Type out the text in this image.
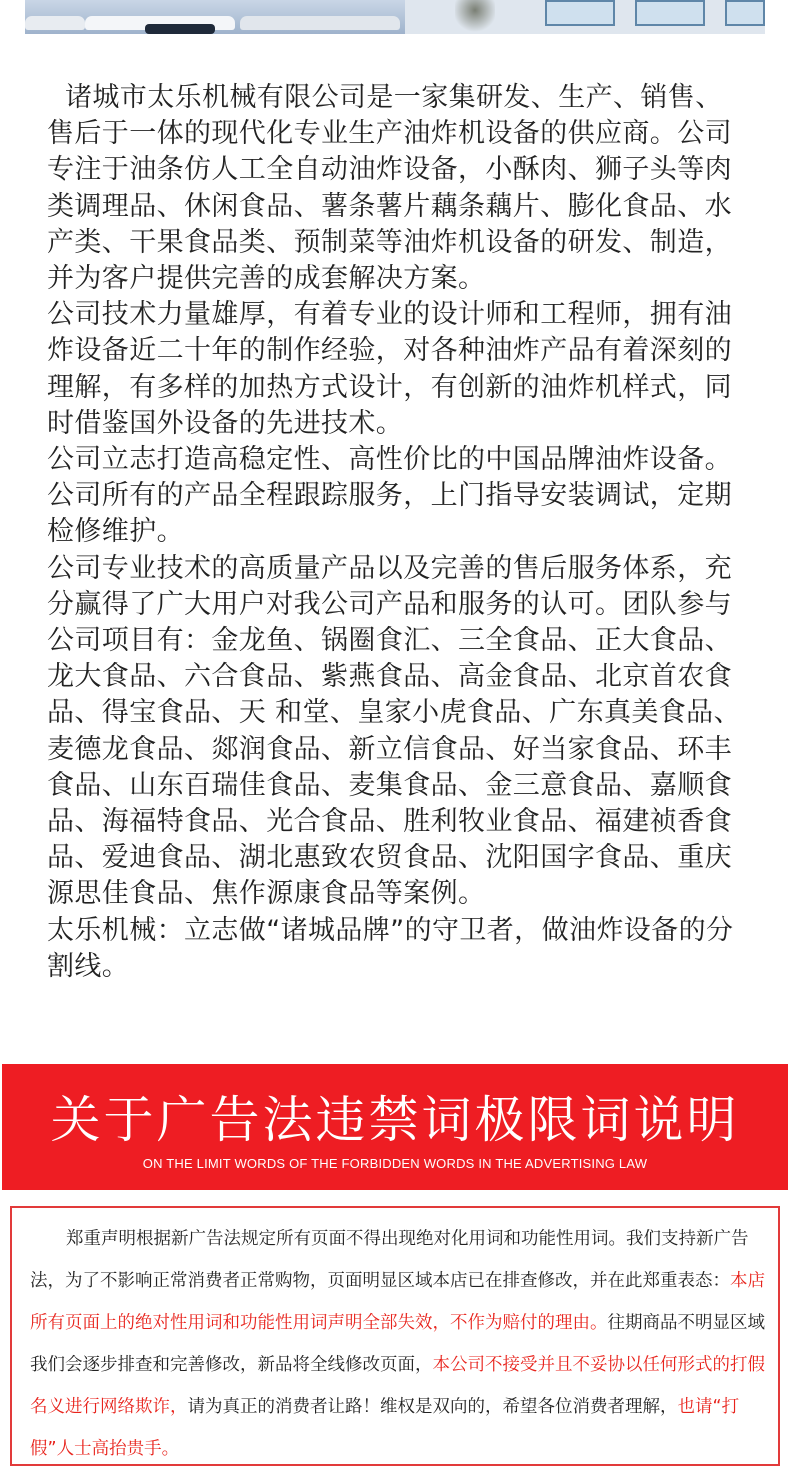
诸城市太乐机械有限公司是一家集研发、生产、销售、售后于一体的现代化专业生产油炸机设备的供应商。公司专注于油条仿人工全自动油炸设备，小酥肉、狮子头等肉类调理品、休闲食品、薯条薯片藕条藕片、膨化食品、水产类、干果食品类、预制菜等油炸机设备的研发、制造，并为客户提供完善的成套解决方案。

公司技术力量雄厚，有着专业的设计师和工程师，拥有油炸设备近二十年的制作经验，对各种油炸产品有着深刻的理解，有多样的加热方式设计，有创新的油炸机样式，同时借鉴国外设备的先进技术。

公司立志打造高稳定性、高性价比的中国品牌油炸设备。公司所有的产品全程跟踪服务，上门指导安装调试，定期检修维护。

公司专业技术的高质量产品以及完善的售后服务体系，充分赢得了广大用户对我公司产品和服务的认可。团队参与公司项目有：金龙鱼、锅圈食汇、三全食品、正大食品、龙大食品、六合食品、紫燕食品、高金食品、北京首农食品、得宝食品、天 和堂、皇家小虎食品、广东真美食品、麦德龙食品、郯润食品、新立信食品、好当家食品、环丰食品、山东百瑞佳食品、麦集食品、金三意食品、嘉顺食品、海福特食品、光合食品、胜利牧业食品、福建祯香食品、爱迪食品、湖北惠致农贸食品、沈阳国字食品、重庆源思佳食品、焦作源康食品等案例。

太乐机械：立志做“诸城品牌”的守卫者，做油炸设备的分割线。

关于广告法违禁词极限词说明
ON THE LIMIT WORDS OF THE FORBIDDEN WORDS IN THE ADVERTISING LAW
郑重声明根据新广告法规定所有页面不得出现绝对化用词和功能性用词。我们支持新广告法，为了不影响正常消费者正常购物，页面明显区域本店已在排查修改，并在此郑重表态：本店所有页面上的绝对性用词和功能性用词声明全部失效，不作为赔付的理由。往期商品不明显区域我们会逐步排查和完善修改，新品将全线修改页面，本公司不接受并且不妥协以任何形式的打假名义进行网络欺诈，请为真正的消费者让路！维权是双向的，希望各位消费者理解，也请“打假”人士高抬贵手。
